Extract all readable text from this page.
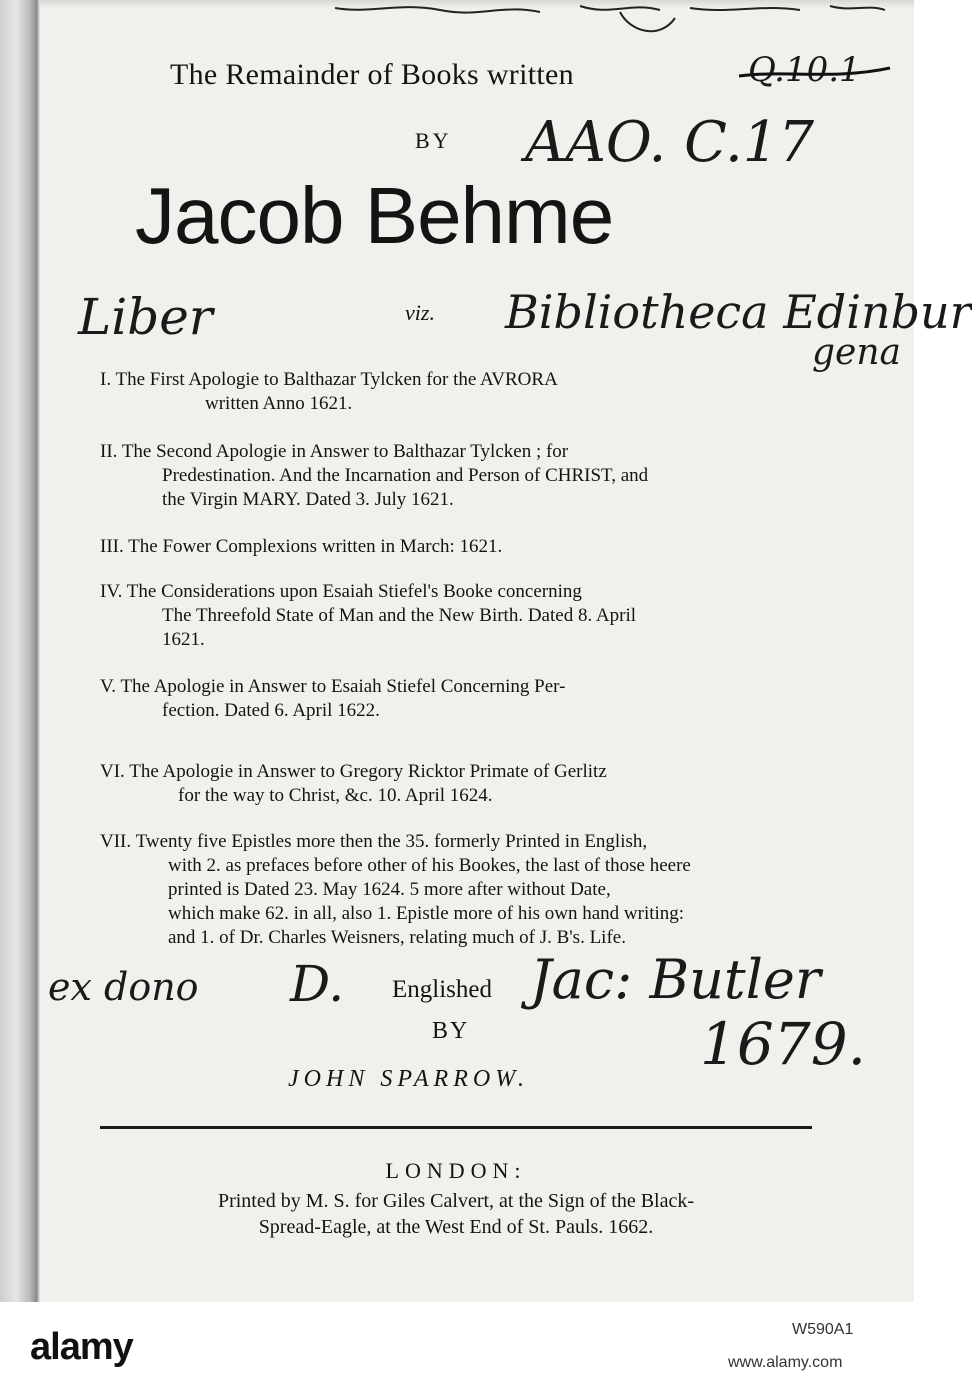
The Remainder of Books written	Q.10.1
BY AAO. C.17
Jacob Behme
Liber	viz. Bibliotheca Edinbur
gena
I. The First Apologie to Balthazar Tylcken for the AVRORA
written Anno 1621.
II. The Second Apologie in Answer to Balthazar Tylcken ; for
Predestination. And the Incarnation and Person of CHRIST, and
the Virgin MARY. Dated 3. July 1621.
III. The Fower Complexions written in March: 1621.
IV. The Considerations upon Esaiah Stiefel's Booke concerning
The Threefold State of Man and the New Birth. Dated 8. April
1621.
V. The Apologie in Answer to Esaiah Stiefel Concerning Per-
fection. Dated 6. April 1622.
VI. The Apologie in Answer to Gregory Ricktor Primate of Gerlitz
for the way to Christ, &c. 10. April 1624.
VII. Twenty five Epistles more then the 35. formerly Printed in English,
with 2. as prefaces before other of his Bookes, the last of those heere
printed is Dated 23. May 1624. 5 more after without Date,
which make 62. in all, also 1. Epistle more of his own hand writing:
and 1. of Dr. Charles Weisners, relating much of J. B's. Life.
ex dono D. Englished Jac: Butler
BY	1679.
JOHN SPARROW.
LONDON:
Printed by M. S. for Giles Calvert, at the Sign of the Black-
Spread-Eagle, at the West End of St. Pauls. 1662.
alamy	W590A1
www.alamy.com
